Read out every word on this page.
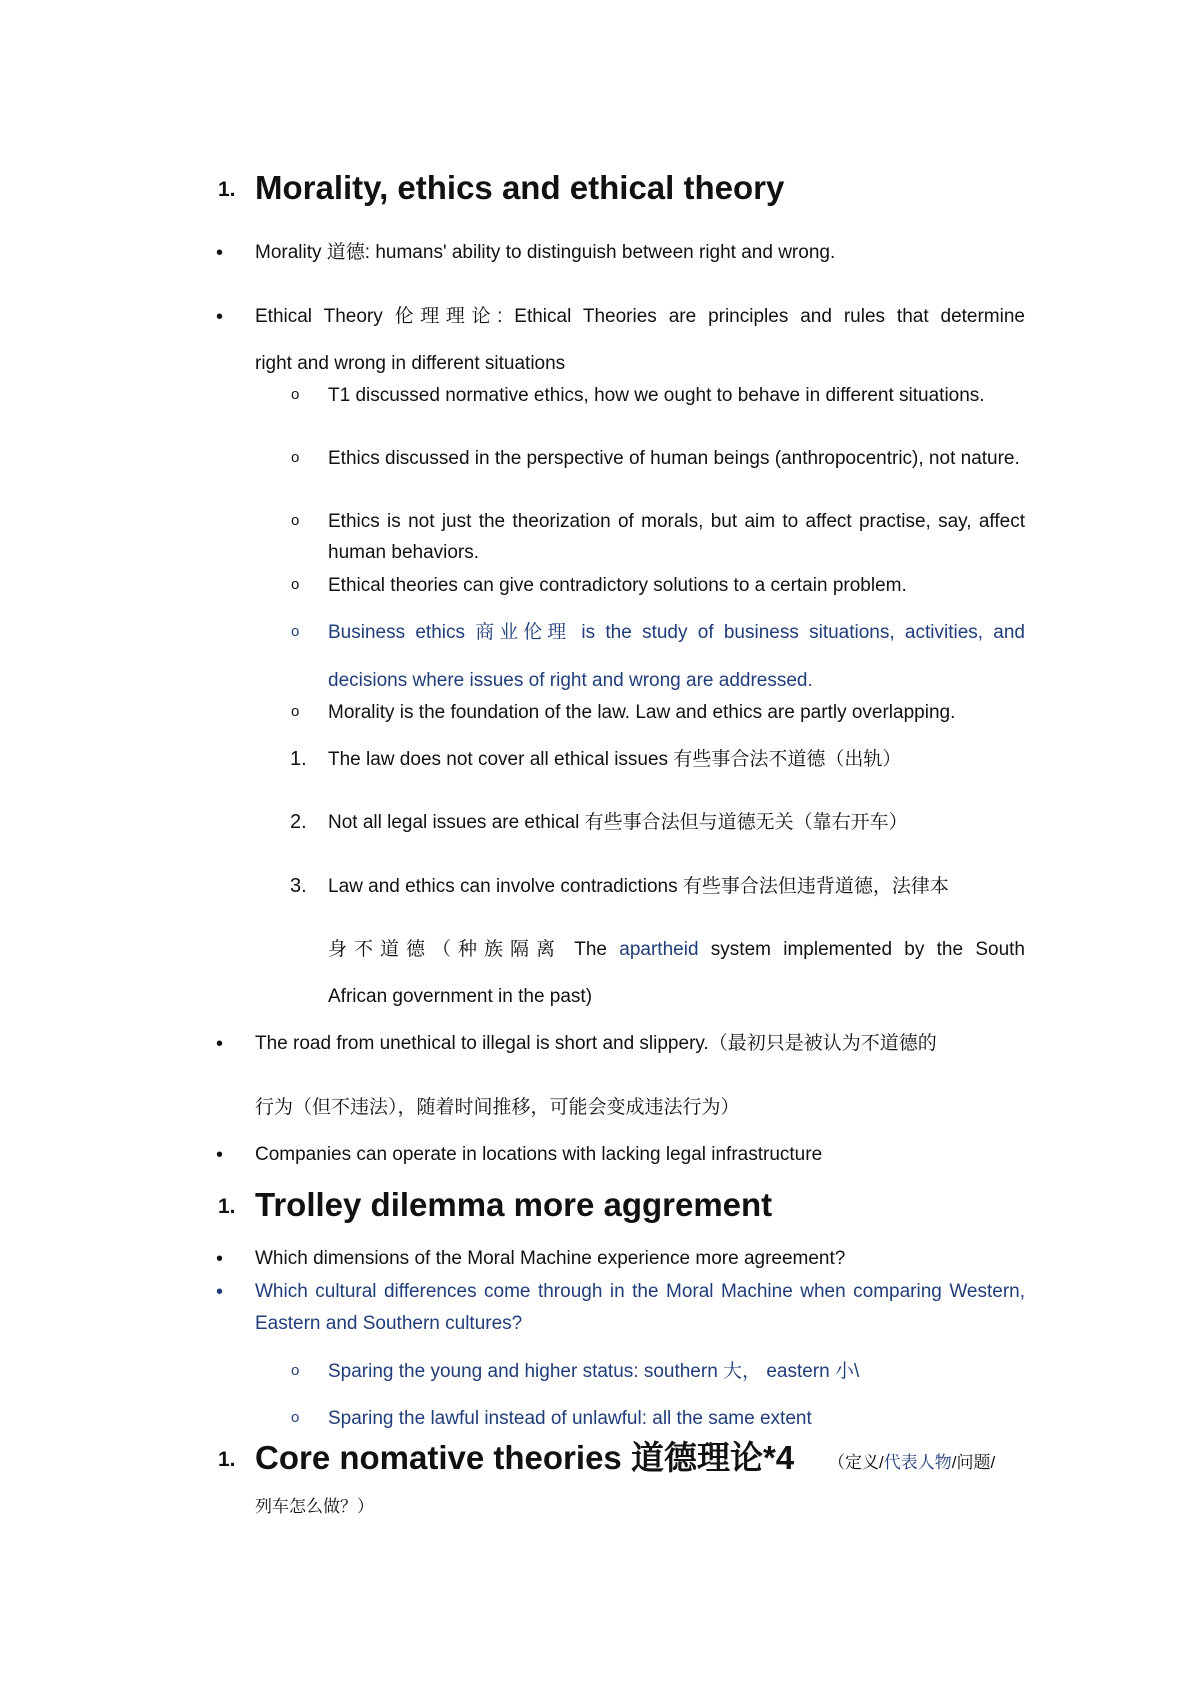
1. Morality, ethics and ethical theory
• Morality 道德: humans' ability to distinguish between right and wrong.
• Ethical Theory 伦理理论: Ethical Theories are principles and rules that determine
right and wrong in different situations
o T1 discussed normative ethics, how we ought to behave in different situations.
o Ethics discussed in the perspective of human beings (anthropocentric), not nature.
o Ethics is not just the theorization of morals, but aim to affect practise, say, affect human behaviors.
o Ethical theories can give contradictory solutions to a certain problem.
o Business ethics 商业伦理 is the study of business situations, activities, and
decisions where issues of right and wrong are addressed.
o Morality is the foundation of the law. Law and ethics are partly overlapping.
1. The law does not cover all ethical issues 有些事合法不道德（出轨）
2. Not all legal issues are ethical 有些事合法但与道德无关（靠右开车）
3. Law and ethics can involve contradictions 有些事合法但违背道德，法律本
身不道德（种族隔离 The apartheid system implemented by the South
African government in the past)
• The road from unethical to illegal is short and slippery.（最初只是被认为不道德的
行为（但不违法），随着时间推移，可能会变成违法行为）
• Companies can operate in locations with lacking legal infrastructure
1. Trolley dilemma more aggrement
• Which dimensions of the Moral Machine experience more agreement?
• Which cultural differences come through in the Moral Machine when comparing Western, Eastern and Southern cultures?
o Sparing the young and higher status: southern 大， eastern 小\
o Sparing the lawful instead of unlawful: all the same extent
1. Core nomative theories 道德理论*4 （定义/代表人物/问题/
列车怎么做？）
